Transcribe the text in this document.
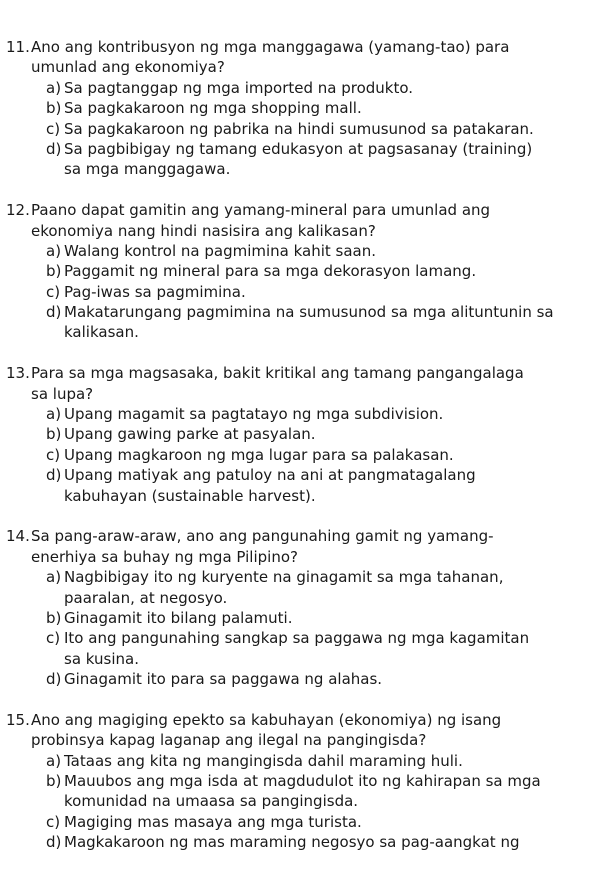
11. Ano ang kontribusyon ng mga manggagawa (yamang-tao) para
umunlad ang ekonomiya?
a) Sa pagtanggap ng mga imported na produkto.
b) Sa pagkakaroon ng mga shopping mall.
c) Sa pagkakaroon ng pabrika na hindi sumusunod sa patakaran.
d) Sa pagbibigay ng tamang edukasyon at pagsasanay (training)
sa mga manggagawa.
12. Paano dapat gamitin ang yamang-mineral para umunlad ang
ekonomiya nang hindi nasisira ang kalikasan?
a) Walang kontrol na pagmimina kahit saan.
b) Paggamit ng mineral para sa mga dekorasyon lamang.
c) Pag-iwas sa pagmimina.
d) Makatarungang pagmimina na sumusunod sa mga alituntunin sa
kalikasan.
13. Para sa mga magsasaka, bakit kritikal ang tamang pangangalaga
sa lupa?
a) Upang magamit sa pagtatayo ng mga subdivision.
b) Upang gawing parke at pasyalan.
c) Upang magkaroon ng mga lugar para sa palakasan.
d) Upang matiyak ang patuloy na ani at pangmatagalang
kabuhayan (sustainable harvest).
14. Sa pang-araw-araw, ano ang pangunahing gamit ng yamang-
enerhiya sa buhay ng mga Pilipino?
a) Nagbibigay ito ng kuryente na ginagamit sa mga tahanan,
paaralan, at negosyo.
b) Ginagamit ito bilang palamuti.
c) Ito ang pangunahing sangkap sa paggawa ng mga kagamitan
sa kusina.
d) Ginagamit ito para sa paggawa ng alahas.
15. Ano ang magiging epekto sa kabuhayan (ekonomiya) ng isang
probinsya kapag laganap ang ilegal na pangingisda?
a) Tataas ang kita ng mangingisda dahil maraming huli.
b) Mauubos ang mga isda at magdudulot ito ng kahirapan sa mga
komunidad na umaasa sa pangingisda.
c) Magiging mas masaya ang mga turista.
d) Magkakaroon ng mas maraming negosyo sa pag-aangkat ng
